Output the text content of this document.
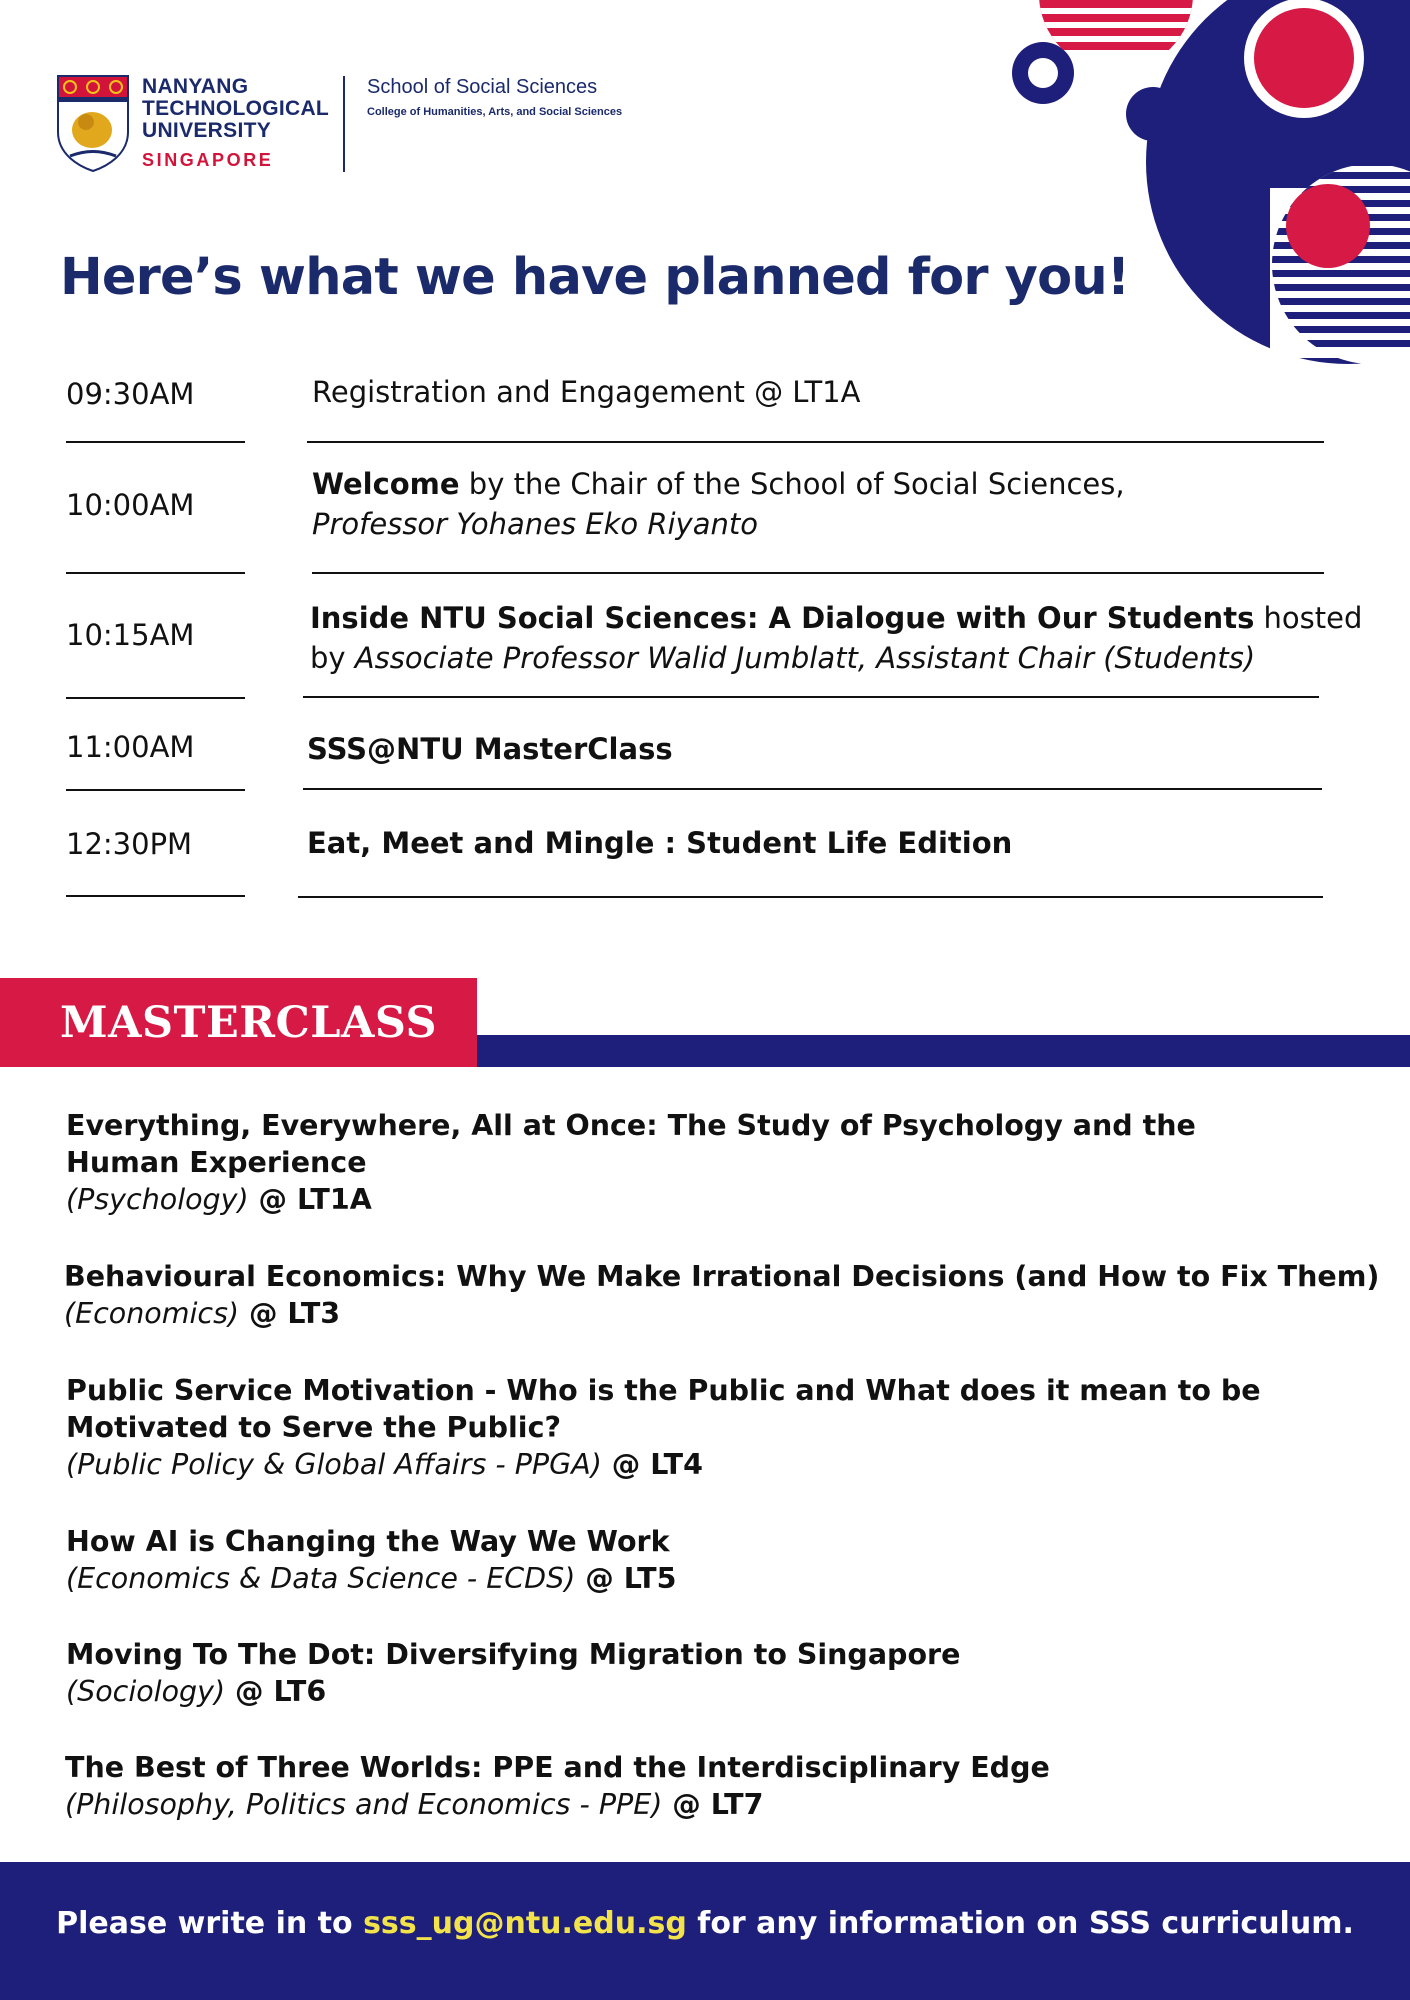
NANYANG
TECHNOLOGICAL
UNIVERSITY
SINGAPORE
School of Social Sciences
College of Humanities, Arts, and Social Sciences
Here’s what we have planned for you!
09:30AM	Registration and Engagement @ LT1A
10:00AM
Welcome by the Chair of the School of Social Sciences,
Professor Yohanes Eko Riyanto
10:15AM	Inside NTU Social Sciences: A Dialogue with Our Students hosted
by Associate Professor Walid Jumblatt, Assistant Chair (Students)
11:00AM	SSS@NTU MasterClass
12:30PM	Eat, Meet and Mingle : Student Life Edition
MASTERCLASS
Everything, Everywhere, All at Once: The Study of Psychology and the Human Experience
(Psychology) @ LT1A
Behavioural Economics: Why We Make Irrational Decisions (and How to Fix Them)
(Economics) @ LT3
Public Service Motivation - Who is the Public and What does it mean to be Motivated to Serve the Public?
(Public Policy & Global Affairs - PPGA) @ LT4
How AI is Changing the Way We Work
(Economics & Data Science - ECDS) @ LT5
Moving To The Dot: Diversifying Migration to Singapore
(Sociology) @ LT6
The Best of Three Worlds: PPE and the Interdisciplinary Edge
(Philosophy, Politics and Economics - PPE) @ LT7
Please write in to sss_ug@ntu.edu.sg for any information on SSS curriculum.
